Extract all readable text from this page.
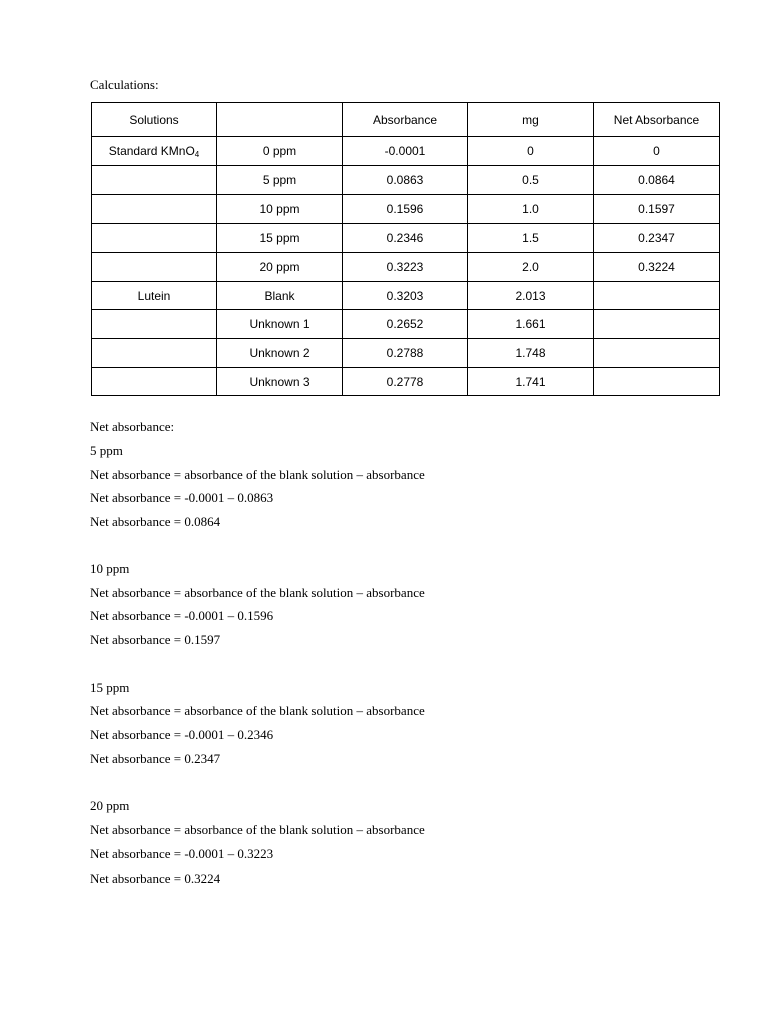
Calculations:
Solutions		Absorbance	mg	Net Absorbance
Standard KMnO4	0 ppm	-0.0001	0	0
	5 ppm	0.0863	0.5	0.0864
	10 ppm	0.1596	1.0	0.1597
	15 ppm	0.2346	1.5	0.2347
	20 ppm	0.3223	2.0	0.3224
Lutein	Blank	0.3203	2.013	
	Unknown 1	0.2652	1.661	
	Unknown 2	0.2788	1.748	
	Unknown 3	0.2778	1.741	
Net absorbance:
5 ppm
Net absorbance = absorbance of the blank solution – absorbance
Net absorbance = -0.0001 – 0.0863
Net absorbance = 0.0864
10 ppm
Net absorbance = absorbance of the blank solution – absorbance
Net absorbance = -0.0001 – 0.1596
Net absorbance = 0.1597
15 ppm
Net absorbance = absorbance of the blank solution – absorbance
Net absorbance = -0.0001 – 0.2346
Net absorbance = 0.2347
20 ppm
Net absorbance = absorbance of the blank solution – absorbance
Net absorbance = -0.0001 – 0.3223
Net absorbance = 0.3224
